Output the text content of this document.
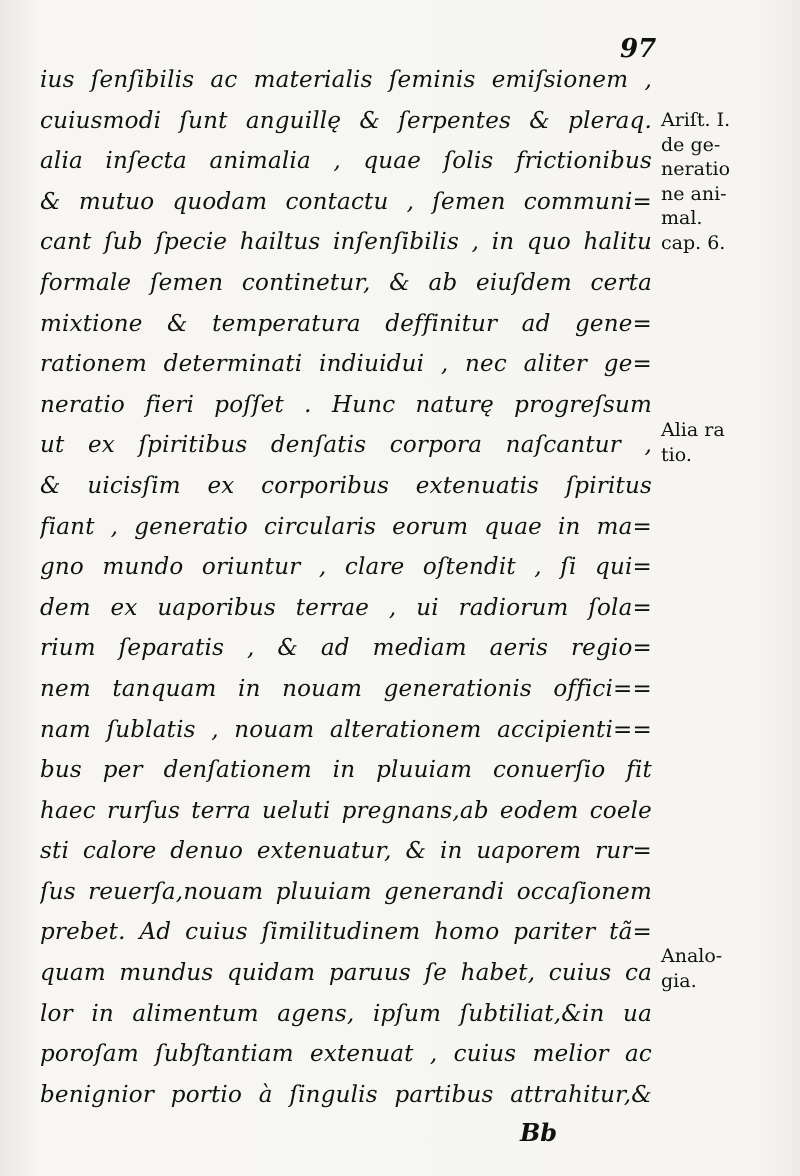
97
ius ſenſibilis ac materialis ſeminis emiſsionem ,
cuiusmodi ſunt anguillę & ſerpentes & pleraq.
alia inſecta animalia , quae ſolis frictionibus
& mutuo quodam contactu , ſemen communi=
cant ſub ſpecie hailtus inſenſibilis , in quo halitu
formale ſemen continetur, & ab eiuſdem certa
mixtione & temperatura deffinitur ad gene=
rationem determinati indiuidui , nec aliter ge=
neratio fieri poſſet . Hunc naturę progreſsum
ut ex ſpiritibus denſatis corpora naſcantur ,
& uicisſim ex corporibus extenuatis ſpiritus
fiant , generatio circularis eorum quae in ma=
gno mundo oriuntur , clare oſtendit , ſi qui=
dem ex uaporibus terrae , ui radiorum ſola=
rium ſeparatis , & ad mediam aeris regio=
nem tanquam in nouam generationis offici==
nam ſublatis , nouam alterationem accipienti==
bus per denſationem in pluuiam conuerſio fit
haec rurſus terra ueluti pregnans,ab eodem coele
sti calore denuo extenuatur, & in uaporem rur=
ſus reuerſa,nouam pluuiam generandi occaſionem
prebet. Ad cuius ſimilitudinem homo pariter tã=
quam mundus quidam paruus ſe habet, cuius ca
lor in alimentum agens, ipſum ſubtiliat,&in ua
poroſam ſubſtantiam extenuat , cuius melior ac
benignior portio à ſingulis partibus attrahitur,&
Ariſt. I.
de ge-
neratio
ne ani-
mal.
cap. 6.
Alia ra
tio.
Analo-
gia.
Bb
